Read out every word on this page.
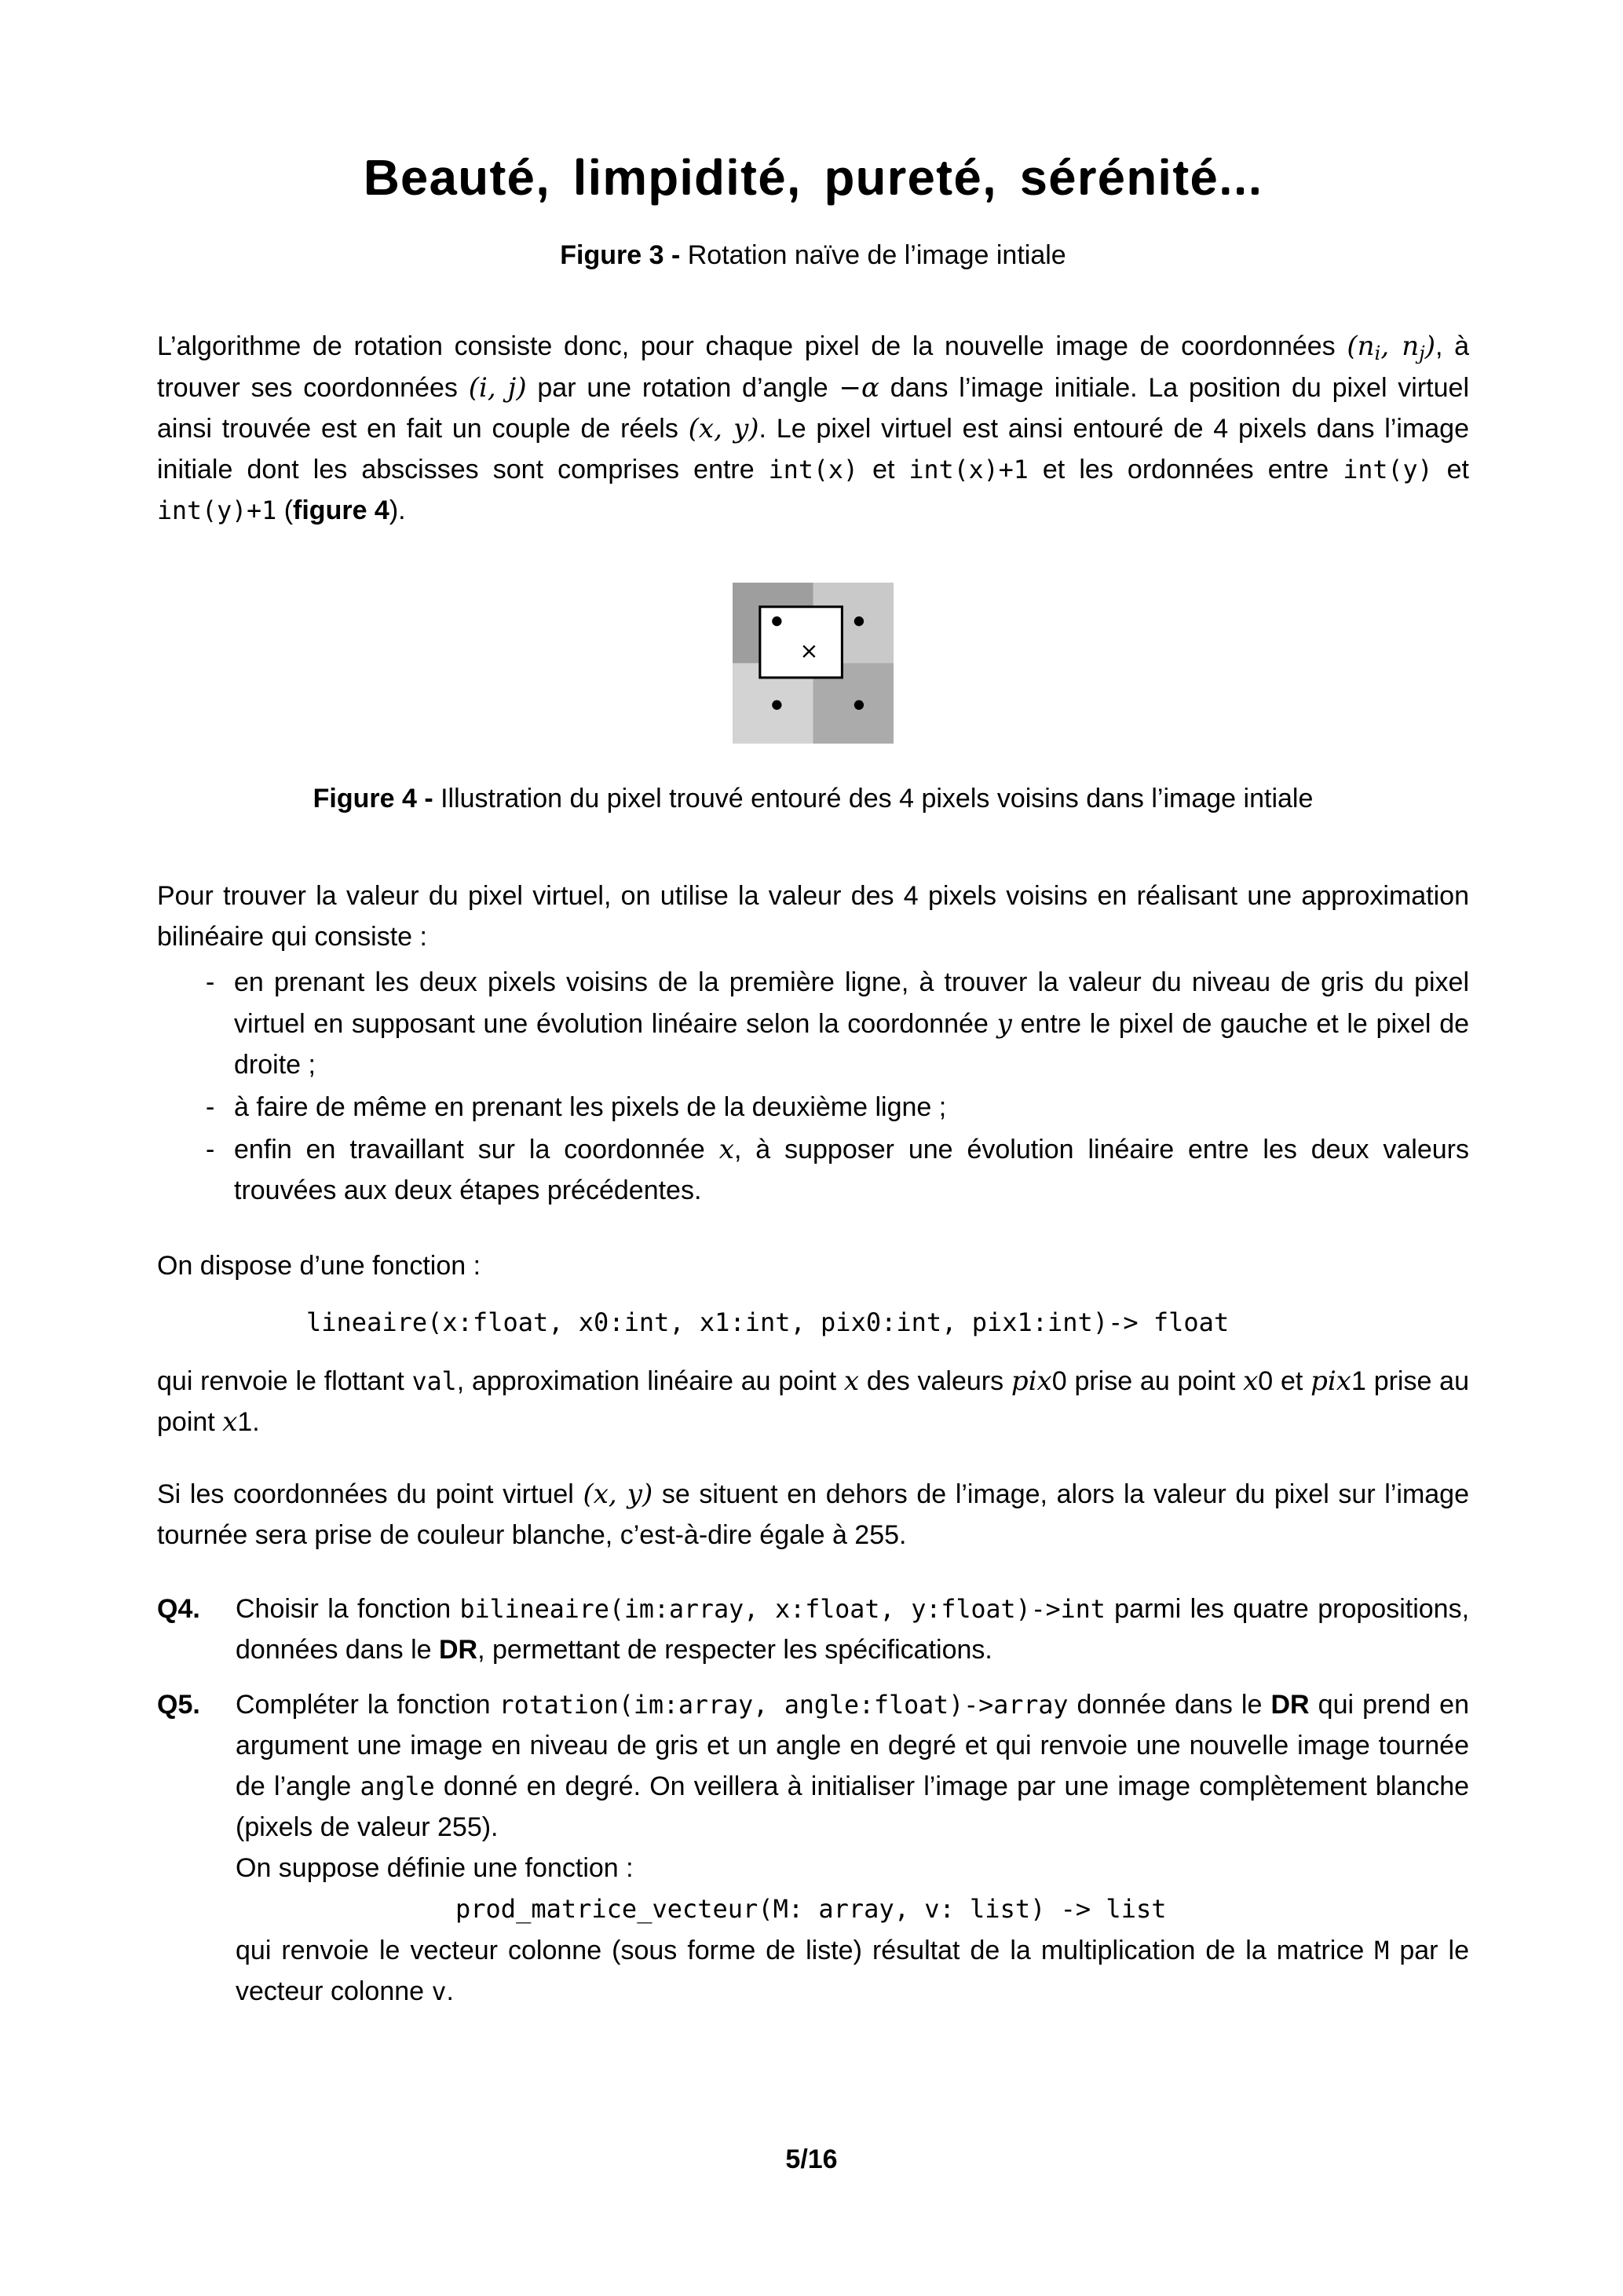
Beauté, limpidité, pureté, sérénité...

Figure 3 - Rotation naïve de l’image intiale

L’algorithme de rotation consiste donc, pour chaque pixel de la nouvelle image de coordonnées (ni, nj), à trouver ses coordonnées (i, j) par une rotation d’angle −α dans l’image initiale. La position du pixel virtuel ainsi trouvée est en fait un couple de réels (x, y). Le pixel virtuel est ainsi entouré de 4 pixels dans l’image initiale dont les abscisses sont comprises entre int(x) et int(x)+1 et les ordonnées entre int(y) et int(y)+1 (figure 4).

×

Figure 4 - Illustration du pixel trouvé entouré des 4 pixels voisins dans l’image intiale

Pour trouver la valeur du pixel virtuel, on utilise la valeur des 4 pixels voisins en réalisant une approximation bilinéaire qui consiste :

- en prenant les deux pixels voisins de la première ligne, à trouver la valeur du niveau de gris du pixel virtuel en supposant une évolution linéaire selon la coordonnée y entre le pixel de gauche et le pixel de droite ;
- à faire de même en prenant les pixels de la deuxième ligne ;
- enfin en travaillant sur la coordonnée x, à supposer une évolution linéaire entre les deux valeurs trouvées aux deux étapes précédentes.

On dispose d’une fonction :

lineaire(x:float, x0:int, x1:int, pix0:int, pix1:int)-> float

qui renvoie le flottant val, approximation linéaire au point x des valeurs pix0 prise au point x0 et pix1 prise au point x1.

Si les coordonnées du point virtuel (x, y) se situent en dehors de l’image, alors la valeur du pixel sur l’image tournée sera prise de couleur blanche, c’est-à-dire égale à 255.

Q4.	Choisir la fonction bilineaire(im:array, x:float, y:float)->int parmi les quatre propositions, données dans le DR, permettant de respecter les spécifications.
Q5.	Compléter la fonction rotation(im:array, angle:float)->array donnée dans le DR qui prend en argument une image en niveau de gris et un angle en degré et qui renvoie une nouvelle image tournée de l’angle angle donné en degré. On veillera à initialiser l’image par une image complètement blanche (pixels de valeur 255).

On suppose définie une fonction :

prod_matrice_vecteur(M: array, v: list) -> list

qui renvoie le vecteur colonne (sous forme de liste) résultat de la multiplication de la matrice M par le vecteur colonne v.

5/16
